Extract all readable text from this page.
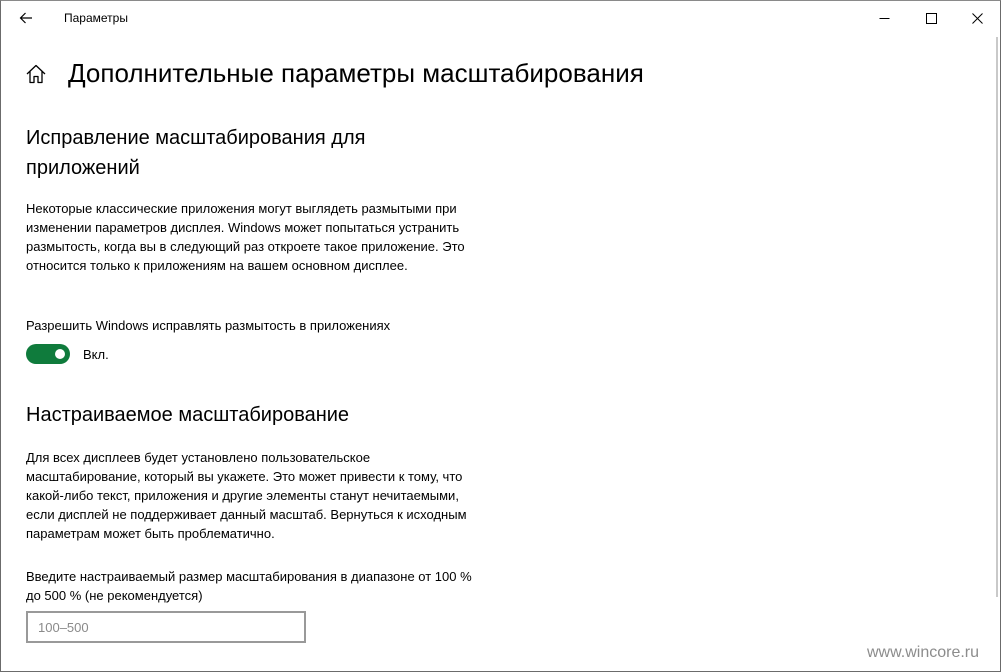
Параметры
Дополнительные параметры масштабирования
Исправление масштабирования для приложений

Некоторые классические приложения могут выглядеть размытыми при изменении параметров дисплея. Windows может попытаться устранить размытость, когда вы в следующий раз откроете такое приложение. Это относится только к приложениям на вашем основном дисплее.

Разрешить Windows исправлять размытость в приложениях

Вкл.
Настраиваемое масштабирование

Для всех дисплеев будет установлено пользовательское масштабирование, который вы укажете. Это может привести к тому, что какой-либо текст, приложения и другие элементы станут нечитаемыми, если дисплей не поддерживает данный масштаб. Вернуться к исходным параметрам может быть проблематично.

Введите настраиваемый размер масштабирования в диапазоне от 100 % до 500 % (не рекомендуется)

100–500
www.wincore.ru
